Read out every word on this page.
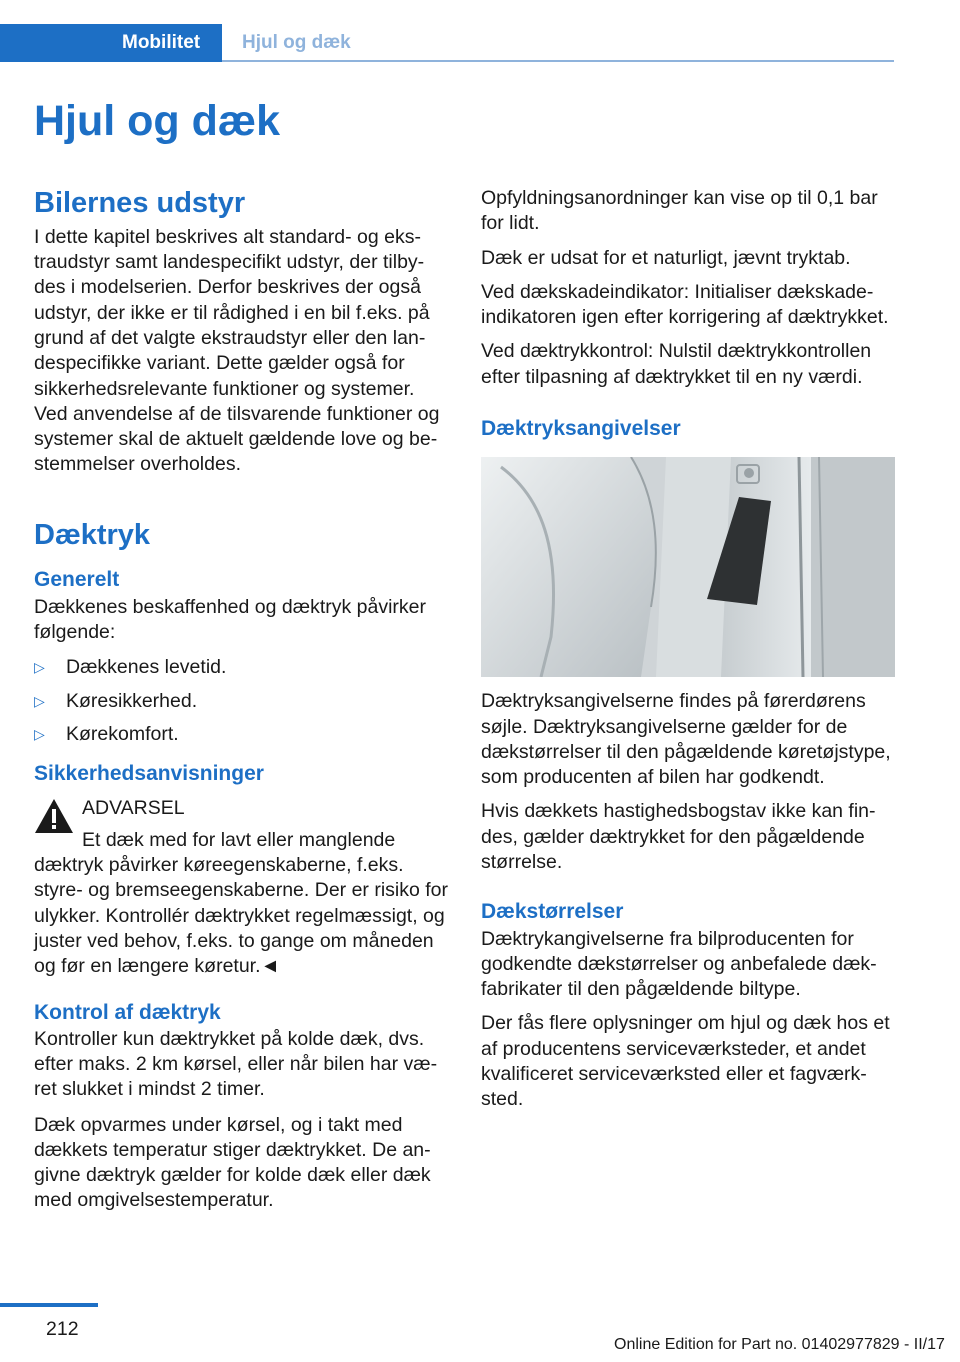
Mobilitet Hjul og dæk
Hjul og dæk
Bilernes udstyr

I dette kapitel beskrives alt standard- og ekstraudstyr samt landespecifikt udstyr, der tilbydes i modelserien. Derfor beskrives der også udstyr, der ikke er til rådighed i en bil f.eks. på grund af det valgte ekstraudstyr eller den landespecifikke variant. Dette gælder også for sikkerhedsrelevante funktioner og systemer. Ved anvendelse af de tilsvarende funktioner og systemer skal de aktuelt gældende love og bestemmelser overholdes.

Dæktryk
Generelt

Dækkenes beskaffenhed og dæktryk påvirker følgende:

▷	Dækkenes levetid.
▷	Køresikkerhed.
▷	Kørekomfort.
Sikkerhedsanvisninger

ADVARSEL

Et dæk med for lavt eller manglende dæktryk påvirker køreegenskaberne, f.eks. styre- og bremseegenskaberne. Der er risiko for ulykker. Kontrollér dæktrykket regelmæssigt, og juster ved behov, f.eks. to gange om måneden og før en længere køretur.◄

Kontrol af dæktryk

Kontroller kun dæktrykket på kolde dæk, dvs. efter maks. 2 km kørsel, eller når bilen har været slukket i mindst 2 timer.

Dæk opvarmes under kørsel, og i takt med dækkets temperatur stiger dæktrykket. De angivne dæktryk gælder for kolde dæk eller dæk med omgivelsestemperatur.

Opfyldningsanordninger kan vise op til 0,1 bar for lidt.

Dæk er udsat for et naturligt, jævnt tryktab.

Ved dækskadeindikator: Initialiser dækskadeindikatoren igen efter korrigering af dæktrykket.

Ved dæktrykkontrol: Nulstil dæktrykkontrollen efter tilpasning af dæktrykket til en ny værdi.

Dæktryksangivelser

Dæktryksangivelserne findes på førerdørens søjle. Dæktryksangivelserne gælder for de dækstørrelser til den pågældende køretøjstype, som producenten af bilen har godkendt.

Hvis dækkets hastighedsbogstav ikke kan findes, gælder dæktrykket for den pågældende størrelse.

Dækstørrelser

Dæktrykangivelserne fra bilproducenten for godkendte dækstørrelser og anbefalede dækfabrikater til den pågældende biltype.

Der fås flere oplysninger om hjul og dæk hos et af producentens serviceværksteder, et andet kvalificeret serviceværksted eller et fagværksted.

212
Online Edition for Part no. 01402977829 - II/17
